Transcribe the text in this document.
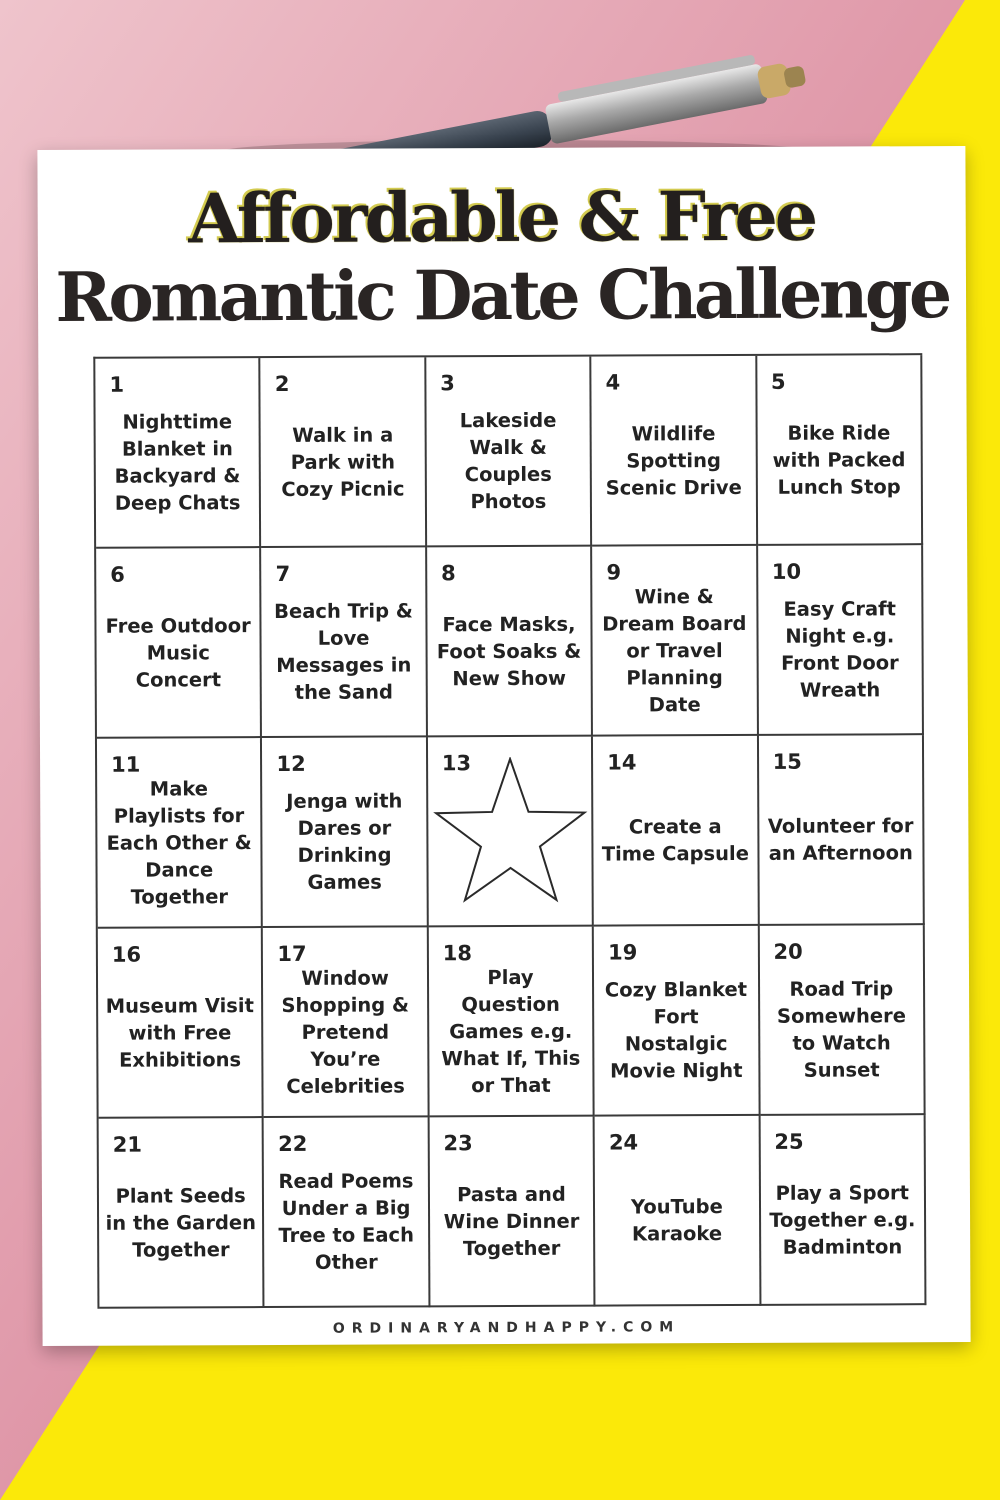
Affordable & Free
Romantic Date Challenge
1
Nighttime Blanket in Backyard & Deep Chats
2
Walk in a Park with Cozy Picnic
3
Lakeside Walk & Couples Photos
4
Wildlife Spotting Scenic Drive
5
Bike Ride with Packed Lunch Stop
6
Free Outdoor Music Concert
7
Beach Trip & Love Messages in the Sand
8
Face Masks, Foot Soaks & New Show
9
Wine & Dream Board or Travel Planning Date
10
Easy Craft Night e.g. Front Door Wreath
11
Make Playlists for Each Other & Dance Together
12
Jenga with Dares or Drinking Games
13	14
Create a Time Capsule
15
Volunteer for an Afternoon
16
Museum Visit with Free Exhibitions
17
Window Shopping & Pretend You’re Celebrities
18
Play Question Games e.g. What If, This or That
19
Cozy Blanket Fort Nostalgic Movie Night
20
Road Trip Somewhere to Watch Sunset
21
Plant Seeds in the Garden Together
22
Read Poems Under a Big Tree to Each Other
23
Pasta and Wine Dinner Together
24
YouTube Karaoke
25
Play a Sport Together e.g. Badminton
ORDINARYANDHAPPY.COM
